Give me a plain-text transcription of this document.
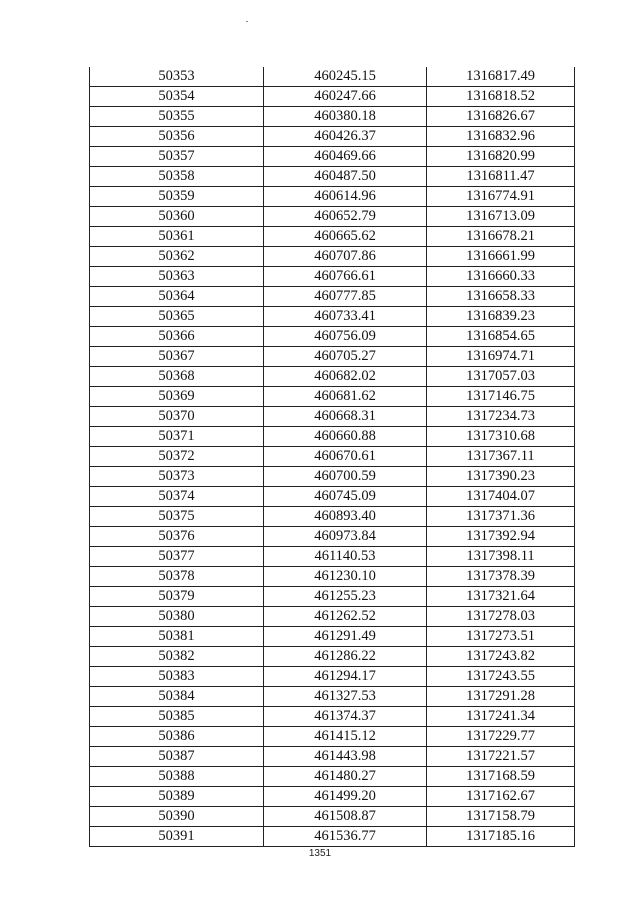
50353	460245.15	1316817.49
50354	460247.66	1316818.52
50355	460380.18	1316826.67
50356	460426.37	1316832.96
50357	460469.66	1316820.99
50358	460487.50	1316811.47
50359	460614.96	1316774.91
50360	460652.79	1316713.09
50361	460665.62	1316678.21
50362	460707.86	1316661.99
50363	460766.61	1316660.33
50364	460777.85	1316658.33
50365	460733.41	1316839.23
50366	460756.09	1316854.65
50367	460705.27	1316974.71
50368	460682.02	1317057.03
50369	460681.62	1317146.75
50370	460668.31	1317234.73
50371	460660.88	1317310.68
50372	460670.61	1317367.11
50373	460700.59	1317390.23
50374	460745.09	1317404.07
50375	460893.40	1317371.36
50376	460973.84	1317392.94
50377	461140.53	1317398.11
50378	461230.10	1317378.39
50379	461255.23	1317321.64
50380	461262.52	1317278.03
50381	461291.49	1317273.51
50382	461286.22	1317243.82
50383	461294.17	1317243.55
50384	461327.53	1317291.28
50385	461374.37	1317241.34
50386	461415.12	1317229.77
50387	461443.98	1317221.57
50388	461480.27	1317168.59
50389	461499.20	1317162.67
50390	461508.87	1317158.79
50391	461536.77	1317185.16
1351
